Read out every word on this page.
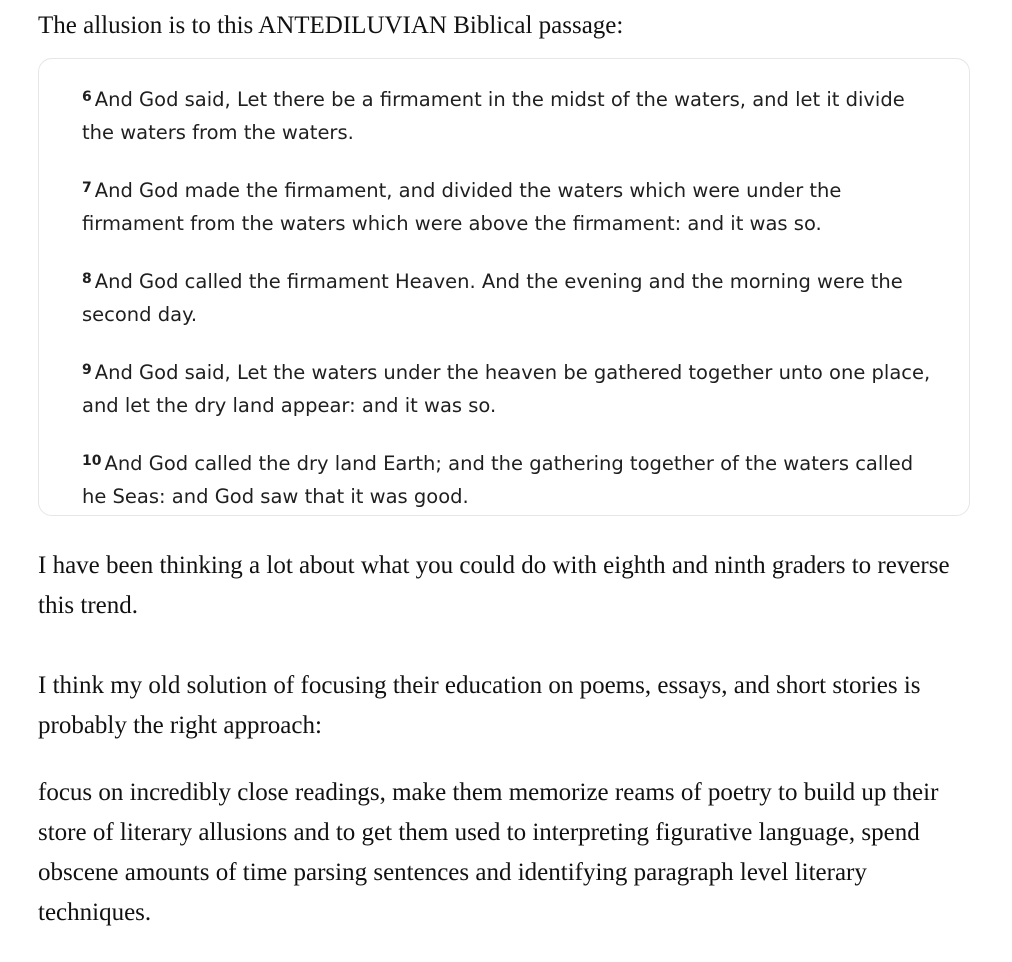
The allusion is to this ANTEDILUVIAN Biblical passage:

$^6$ And God said, Let there be a firmament in the midst of the waters, and let it divide the waters from the waters.

$^7$ And God made the firmament, and divided the waters which were under the firmament from the waters which were above the firmament: and it was so.

$^8$ And God called the firmament Heaven. And the evening and the morning were the second day.

$^9$ And God said, Let the waters under the heaven be gathered together unto one place, and let the dry land appear: and it was so.

$^{10}$ And God called the dry land Earth; and the gathering together of the waters called he Seas: and God saw that it was good.

I have been thinking a lot about what you could do with eighth and ninth graders to reverse this trend.

I think my old solution of focusing their education on poems, essays, and short stories is probably the right approach:

focus on incredibly close readings, make them memorize reams of poetry to build up their store of literary allusions and to get them used to interpreting figurative language, spend obscene amounts of time parsing sentences and identifying paragraph level literary techniques.
